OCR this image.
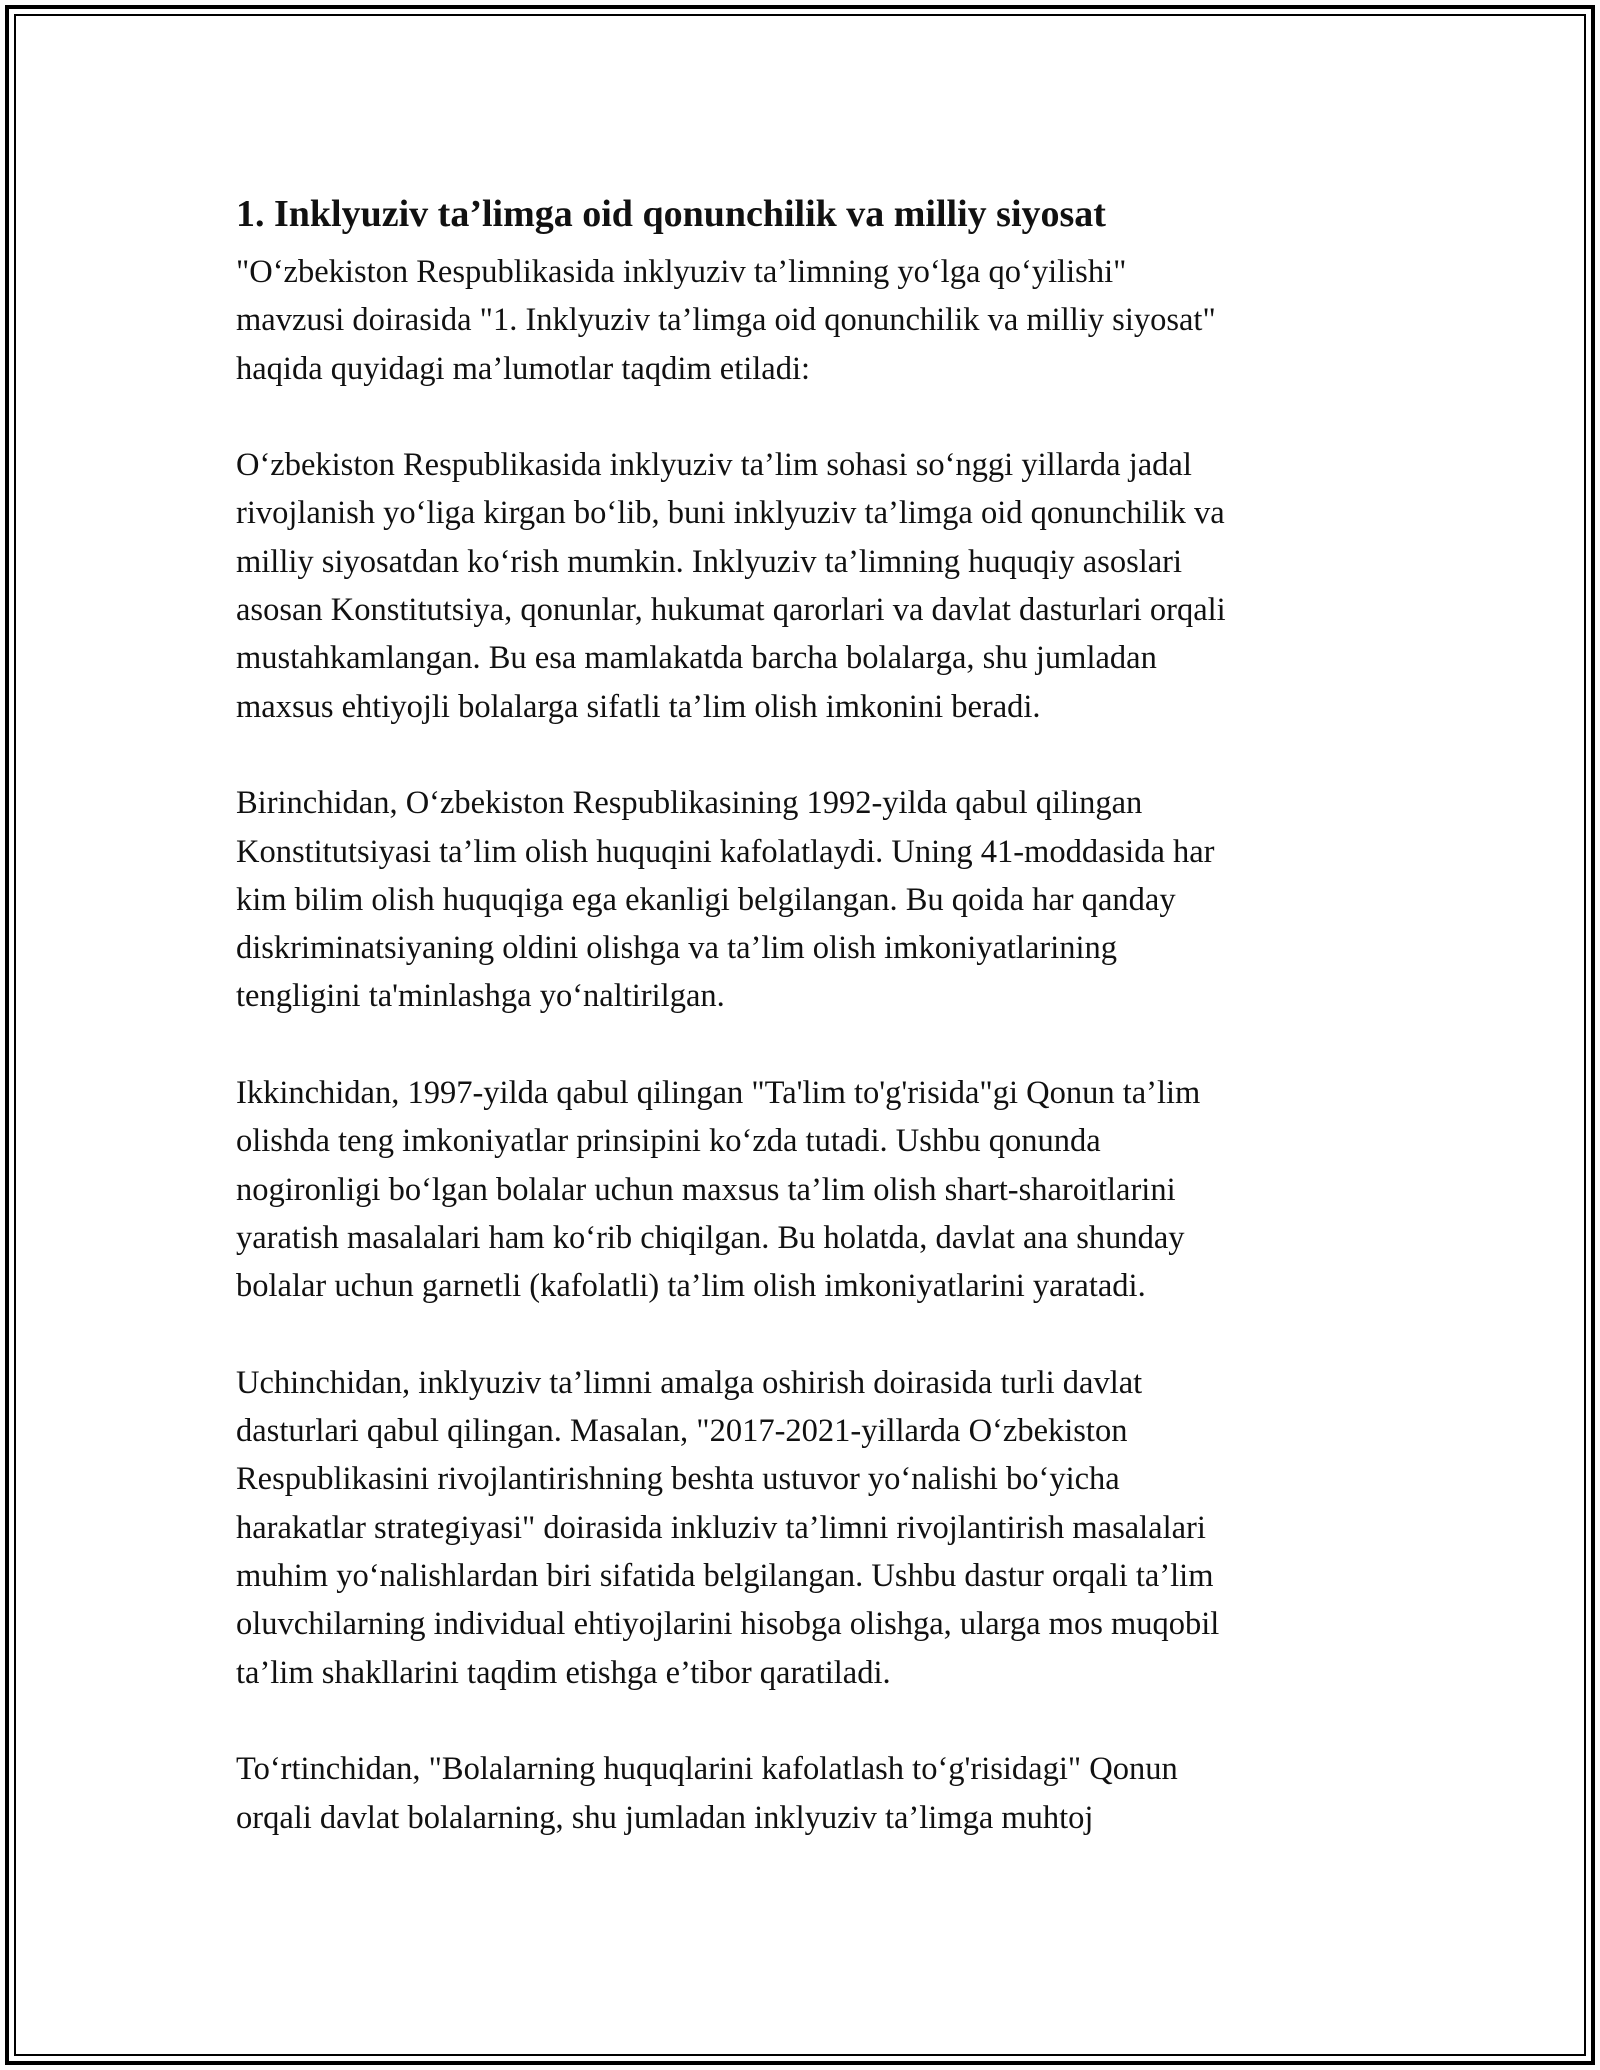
1. Inklyuziv ta’limga oid qonunchilik va milliy siyosat
"O‘zbekiston Respublikasida inklyuziv ta’limning yo‘lga qo‘yilishi"
mavzusi doirasida "1. Inklyuziv ta’limga oid qonunchilik va milliy siyosat"
haqida quyidagi ma’lumotlar taqdim etiladi:
O‘zbekiston Respublikasida inklyuziv ta’lim sohasi so‘nggi yillarda jadal
rivojlanish yo‘liga kirgan bo‘lib, buni inklyuziv ta’limga oid qonunchilik va
milliy siyosatdan ko‘rish mumkin. Inklyuziv ta’limning huquqiy asoslari
asosan Konstitutsiya, qonunlar, hukumat qarorlari va davlat dasturlari orqali
mustahkamlangan. Bu esa mamlakatda barcha bolalarga, shu jumladan
maxsus ehtiyojli bolalarga sifatli ta’lim olish imkonini beradi.
Birinchidan, O‘zbekiston Respublikasining 1992-yilda qabul qilingan
Konstitutsiyasi ta’lim olish huquqini kafolatlaydi. Uning 41-moddasida har
kim bilim olish huquqiga ega ekanligi belgilangan. Bu qoida har qanday
diskriminatsiyaning oldini olishga va ta’lim olish imkoniyatlarining
tengligini ta'minlashga yo‘naltirilgan.
Ikkinchidan, 1997-yilda qabul qilingan "Ta'lim to'g'risida"gi Qonun ta’lim
olishda teng imkoniyatlar prinsipini ko‘zda tutadi. Ushbu qonunda
nogironligi bo‘lgan bolalar uchun maxsus ta’lim olish shart-sharoitlarini
yaratish masalalari ham ko‘rib chiqilgan. Bu holatda, davlat ana shunday
bolalar uchun garnetli (kafolatli) ta’lim olish imkoniyatlarini yaratadi.
Uchinchidan, inklyuziv ta’limni amalga oshirish doirasida turli davlat
dasturlari qabul qilingan. Masalan, "2017-2021-yillarda O‘zbekiston
Respublikasini rivojlantirishning beshta ustuvor yo‘nalishi bo‘yicha
harakatlar strategiyasi" doirasida inkluziv ta’limni rivojlantirish masalalari
muhim yo‘nalishlardan biri sifatida belgilangan. Ushbu dastur orqali ta’lim
oluvchilarning individual ehtiyojlarini hisobga olishga, ularga mos muqobil
ta’lim shakllarini taqdim etishga e’tibor qaratiladi.
To‘rtinchidan, "Bolalarning huquqlarini kafolatlash to‘g'risidagi" Qonun
orqali davlat bolalarning, shu jumladan inklyuziv ta’limga muhtoj
